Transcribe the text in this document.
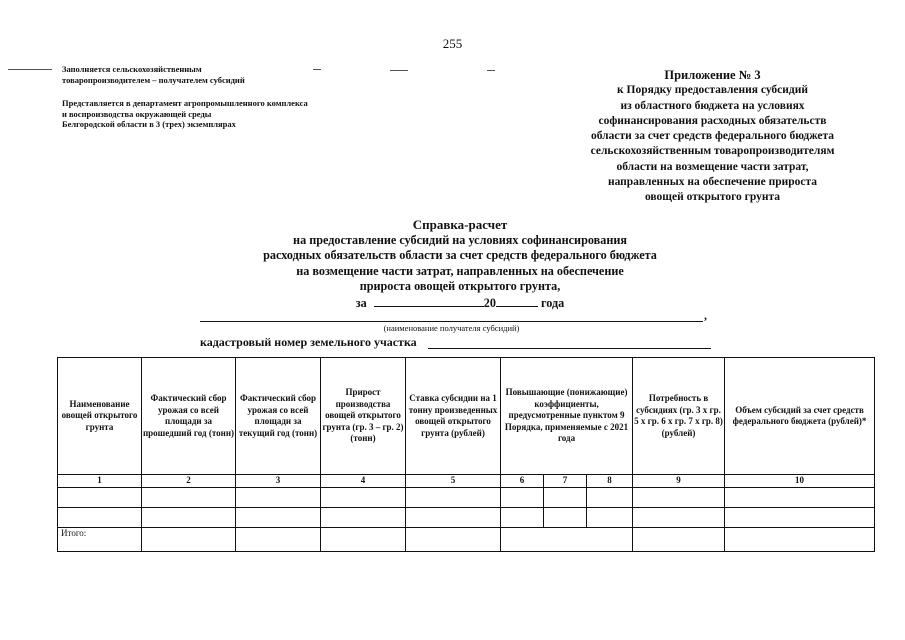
255
Заполняется сельскохозяйственным
товаропроизводителем – получателем субсидий
Представляется в департамент агропромышленного комплекса
и воспроизводства окружающей среды
Белгородской области в 3 (трех) экземплярах
Приложение № 3
к Порядку предоставления субсидий
из областного бюджета на условиях
софинансирования расходных обязательств
области за счет средств федерального бюджета
сельскохозяйственным товаропроизводителям
области на возмещение части затрат,
направленных на обеспечение прироста
овощей открытого грунта
Справка-расчет
на предоставление субсидий на условиях софинансирования
расходных обязательств области за счет средств федерального бюджета
на возмещение части затрат, направленных на обеспечение
прироста овощей открытого грунта,
за	20	года
,
(наименование получателя субсидий)
кадастровый номер земельного участка
Наименование овощей открытого грунта	Фактический сбор урожая со всей площади за прошедший год (тонн)	Фактический сбор урожая со всей площади за текущий год (тонн)	Прирост производства овощей открытого грунта (гр. 3 – гр. 2) (тонн)	Ставка субсидии на 1 тонну произведенных овощей открытого грунта (рублей)	Повышающие (понижающие) коэффициенты, предусмотренные пунктом 9 Порядка, применяемые с 2021 года			Потребность в субсидиях (гр. 3 х гр. 5 х гр. 6 х гр. 7 х гр. 8) (рублей)	Объем субсидий за счет средств федерального бюджета (рублей)*
1	2	3	4	5	6	7	8	9	10

Итого:									
